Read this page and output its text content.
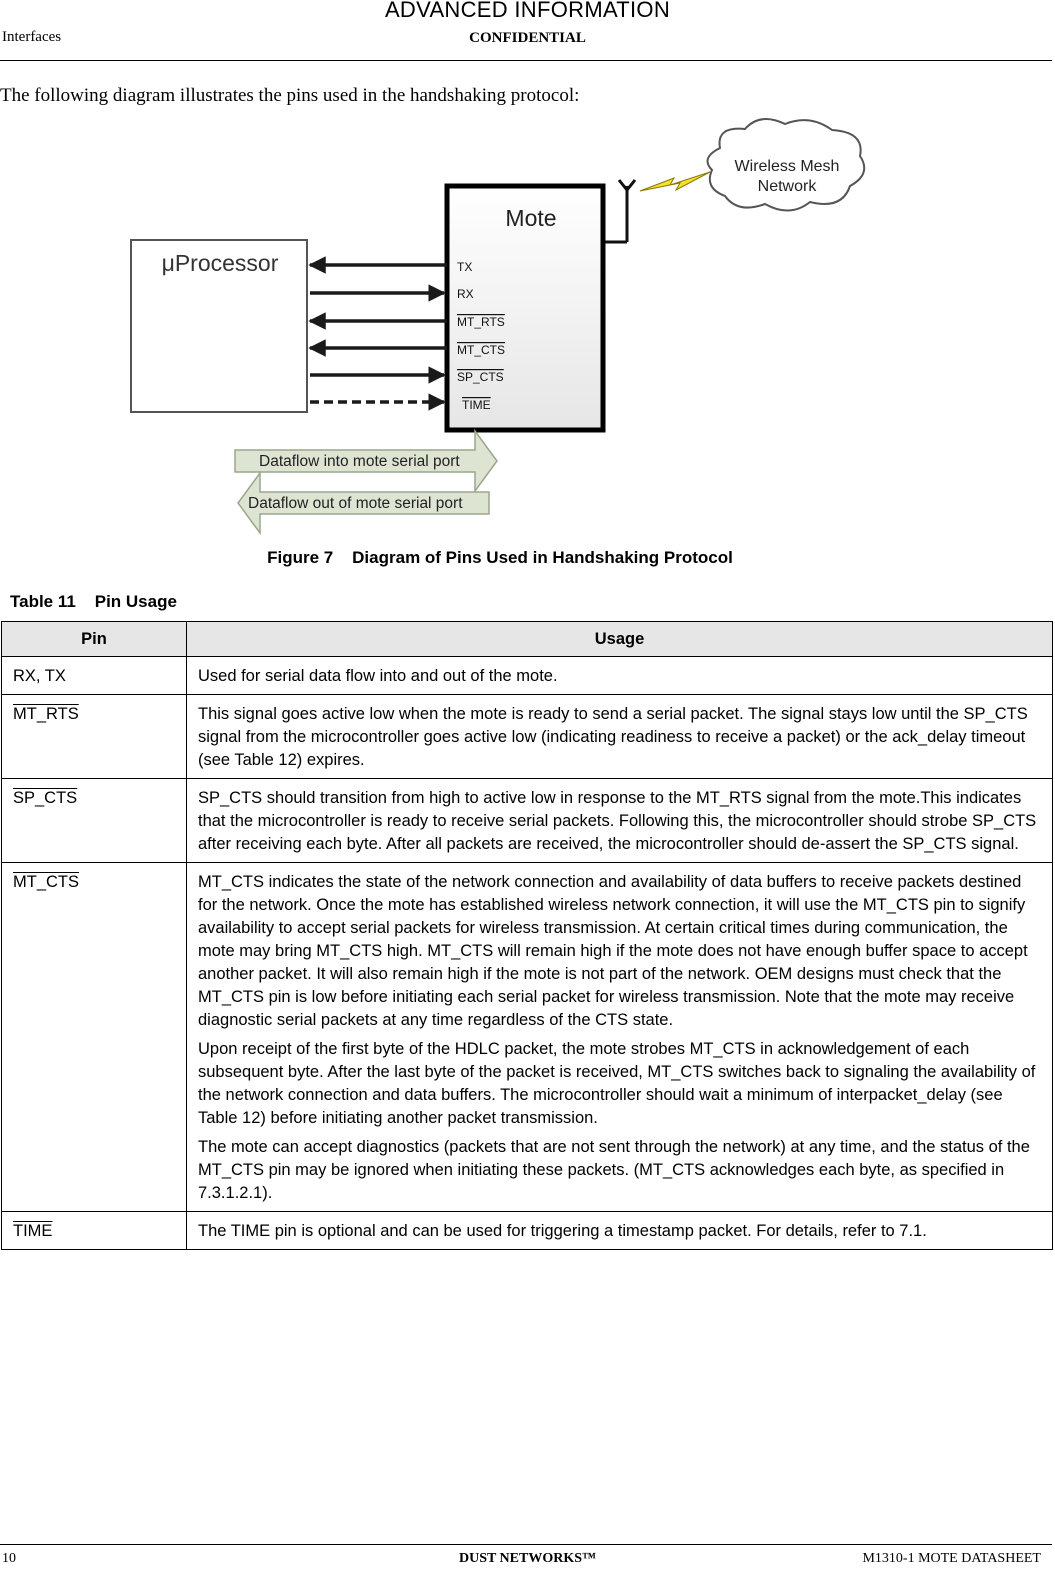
ADVANCED INFORMATION
Interfaces	CONFIDENTIAL
The following diagram illustrates the pins used in the handshaking protocol:
Wireless Mesh
Network
Mote
μProcessor	TX
RX
MT_RTS
MT_CTS
SP_CTS
TIME
Dataflow into mote serial port
Dataflow out of mote serial port
Figure 7    Diagram of Pins Used in Handshaking Protocol
Table 11    Pin Usage
Pin	Usage
RX, TX	Used for serial data flow into and out of the mote.
MT_RTS	This signal goes active low when the mote is ready to send a serial packet. The signal stays low until the SP_CTS signal from the microcontroller goes active low (indicating readiness to receive a packet) or the ack_delay timeout (see Table 12) expires.
SP_CTS	SP_CTS should transition from high to active low in response to the MT_RTS signal from the mote.This indicates that the microcontroller is ready to receive serial packets. Following this, the microcontroller should strobe SP_CTS after receiving each byte. After all packets are received, the microcontroller should de-assert the SP_CTS signal.
MT_CTS	MT_CTS indicates the state of the network connection and availability of data buffers to receive packets destined for the network. Once the mote has established wireless network connection, it will use the MT_CTS pin to signify availability to accept serial packets for wireless transmission. At certain critical times during communication, the mote may bring MT_CTS high. MT_CTS will remain high if the mote does not have enough buffer space to accept another packet. It will also remain high if the mote is not part of the network. OEM designs must check that the MT_CTS pin is low before initiating each serial packet for wireless transmission. Note that the mote may receive diagnostic serial packets at any time regardless of the CTS state.

Upon receipt of the first byte of the HDLC packet, the mote strobes MT_CTS in acknowledgement of each subsequent byte. After the last byte of the packet is received, MT_CTS switches back to signaling the availability of the network connection and data buffers. The microcontroller should wait a minimum of interpacket_delay (see Table 12) before initiating another packet transmission.

The mote can accept diagnostics (packets that are not sent through the network) at any time, and the status of the MT_CTS pin may be ignored when initiating these packets. (MT_CTS acknowledges each byte, as specified in 7.3.1.2.1).

TIME	The TIME pin is optional and can be used for triggering a timestamp packet. For details, refer to 7.1.
10	DUST NETWORKS™	M1310-1 MOTE DATASHEET
